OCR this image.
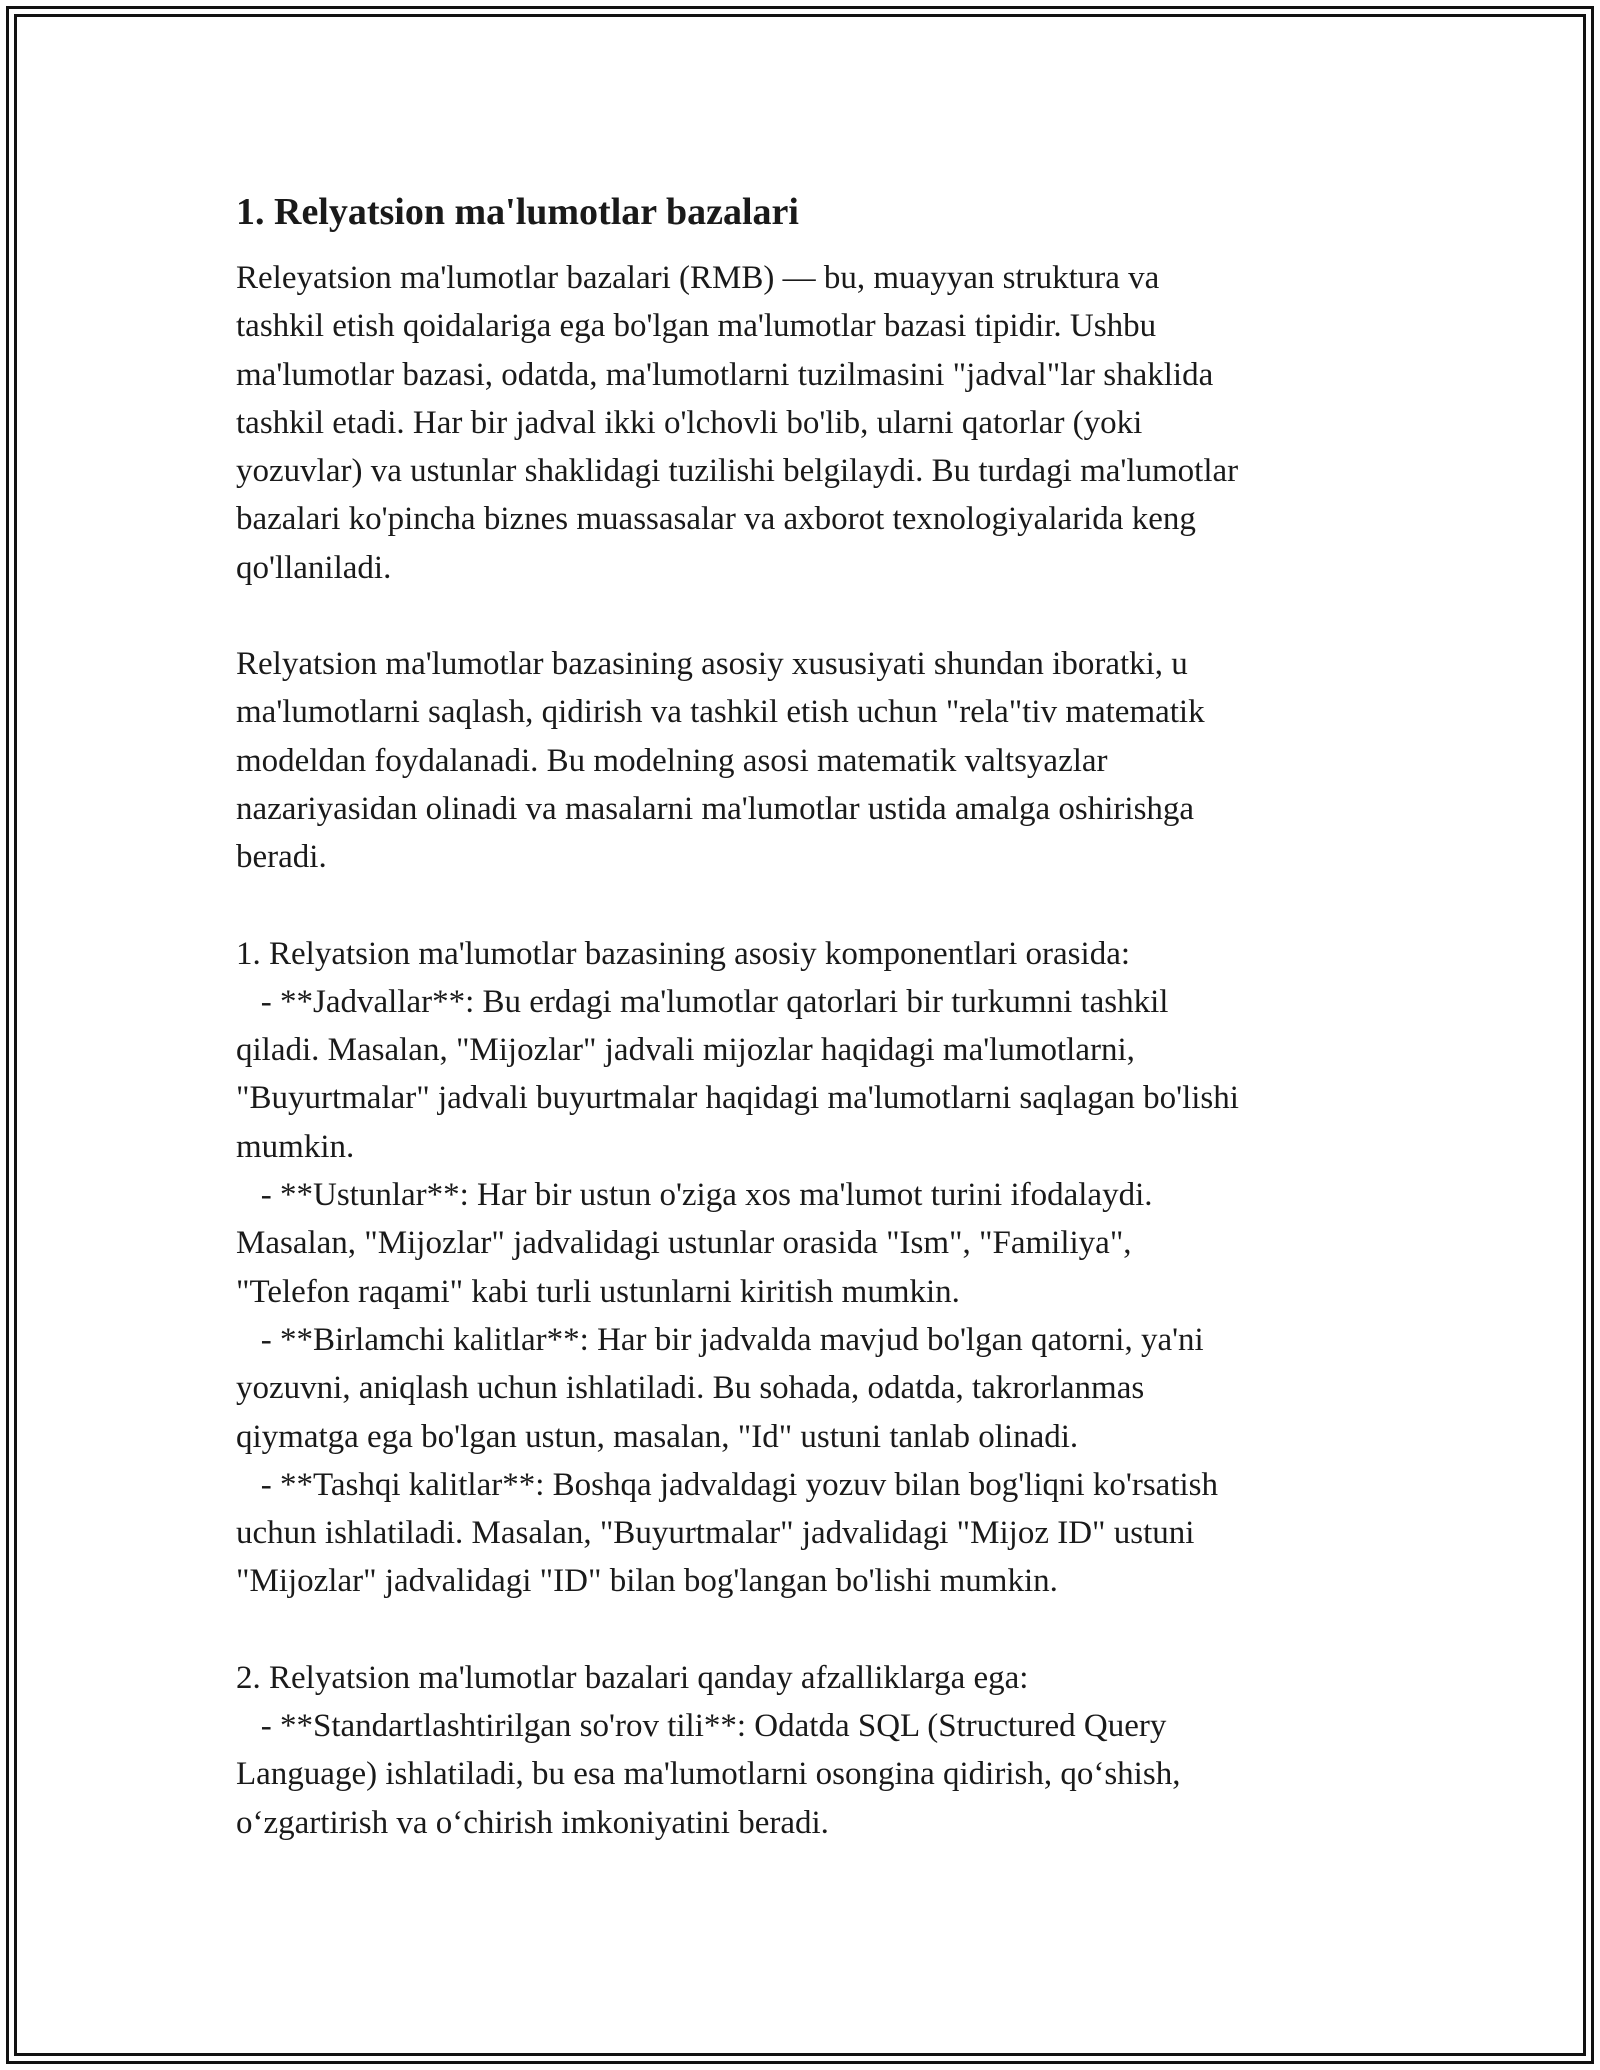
1. Relyatsion ma'lumotlar bazalari

Releyatsion ma'lumotlar bazalari (RMB) — bu, muayyan struktura va
tashkil etish qoidalariga ega bo'lgan ma'lumotlar bazasi tipidir. Ushbu
ma'lumotlar bazasi, odatda, ma'lumotlarni tuzilmasini "jadval"lar shaklida
tashkil etadi. Har bir jadval ikki o'lchovli bo'lib, ularni qatorlar (yoki
yozuvlar) va ustunlar shaklidagi tuzilishi belgilaydi. Bu turdagi ma'lumotlar
bazalari ko'pincha biznes muassasalar va axborot texnologiyalarida keng
qo'llaniladi.

Relyatsion ma'lumotlar bazasining asosiy xususiyati shundan iboratki, u
ma'lumotlarni saqlash, qidirish va tashkil etish uchun "rela"tiv matematik
modeldan foydalanadi. Bu modelning asosi matematik valtsyazlar
nazariyasidan olinadi va masalarni ma'lumotlar ustida amalga oshirishga
beradi.

1. Relyatsion ma'lumotlar bazasining asosiy komponentlari orasida:
- **Jadvallar**: Bu erdagi ma'lumotlar qatorlari bir turkumni tashkil
qiladi. Masalan, "Mijozlar" jadvali mijozlar haqidagi ma'lumotlarni,
"Buyurtmalar" jadvali buyurtmalar haqidagi ma'lumotlarni saqlagan bo'lishi
mumkin.
- **Ustunlar**: Har bir ustun o'ziga xos ma'lumot turini ifodalaydi.
Masalan, "Mijozlar" jadvalidagi ustunlar orasida "Ism", "Familiya",
"Telefon raqami" kabi turli ustunlarni kiritish mumkin.
- **Birlamchi kalitlar**: Har bir jadvalda mavjud bo'lgan qatorni, ya'ni
yozuvni, aniqlash uchun ishlatiladi. Bu sohada, odatda, takrorlanmas
qiymatga ega bo'lgan ustun, masalan, "Id" ustuni tanlab olinadi.
- **Tashqi kalitlar**: Boshqa jadvaldagi yozuv bilan bog'liqni ko'rsatish
uchun ishlatiladi. Masalan, "Buyurtmalar" jadvalidagi "Mijoz ID" ustuni
"Mijozlar" jadvalidagi "ID" bilan bog'langan bo'lishi mumkin.

2. Relyatsion ma'lumotlar bazalari qanday afzalliklarga ega:
- **Standartlashtirilgan so'rov tili**: Odatda SQL (Structured Query
Language) ishlatiladi, bu esa ma'lumotlarni osongina qidirish, qo‘shish,
o‘zgartirish va o‘chirish imkoniyatini beradi.
